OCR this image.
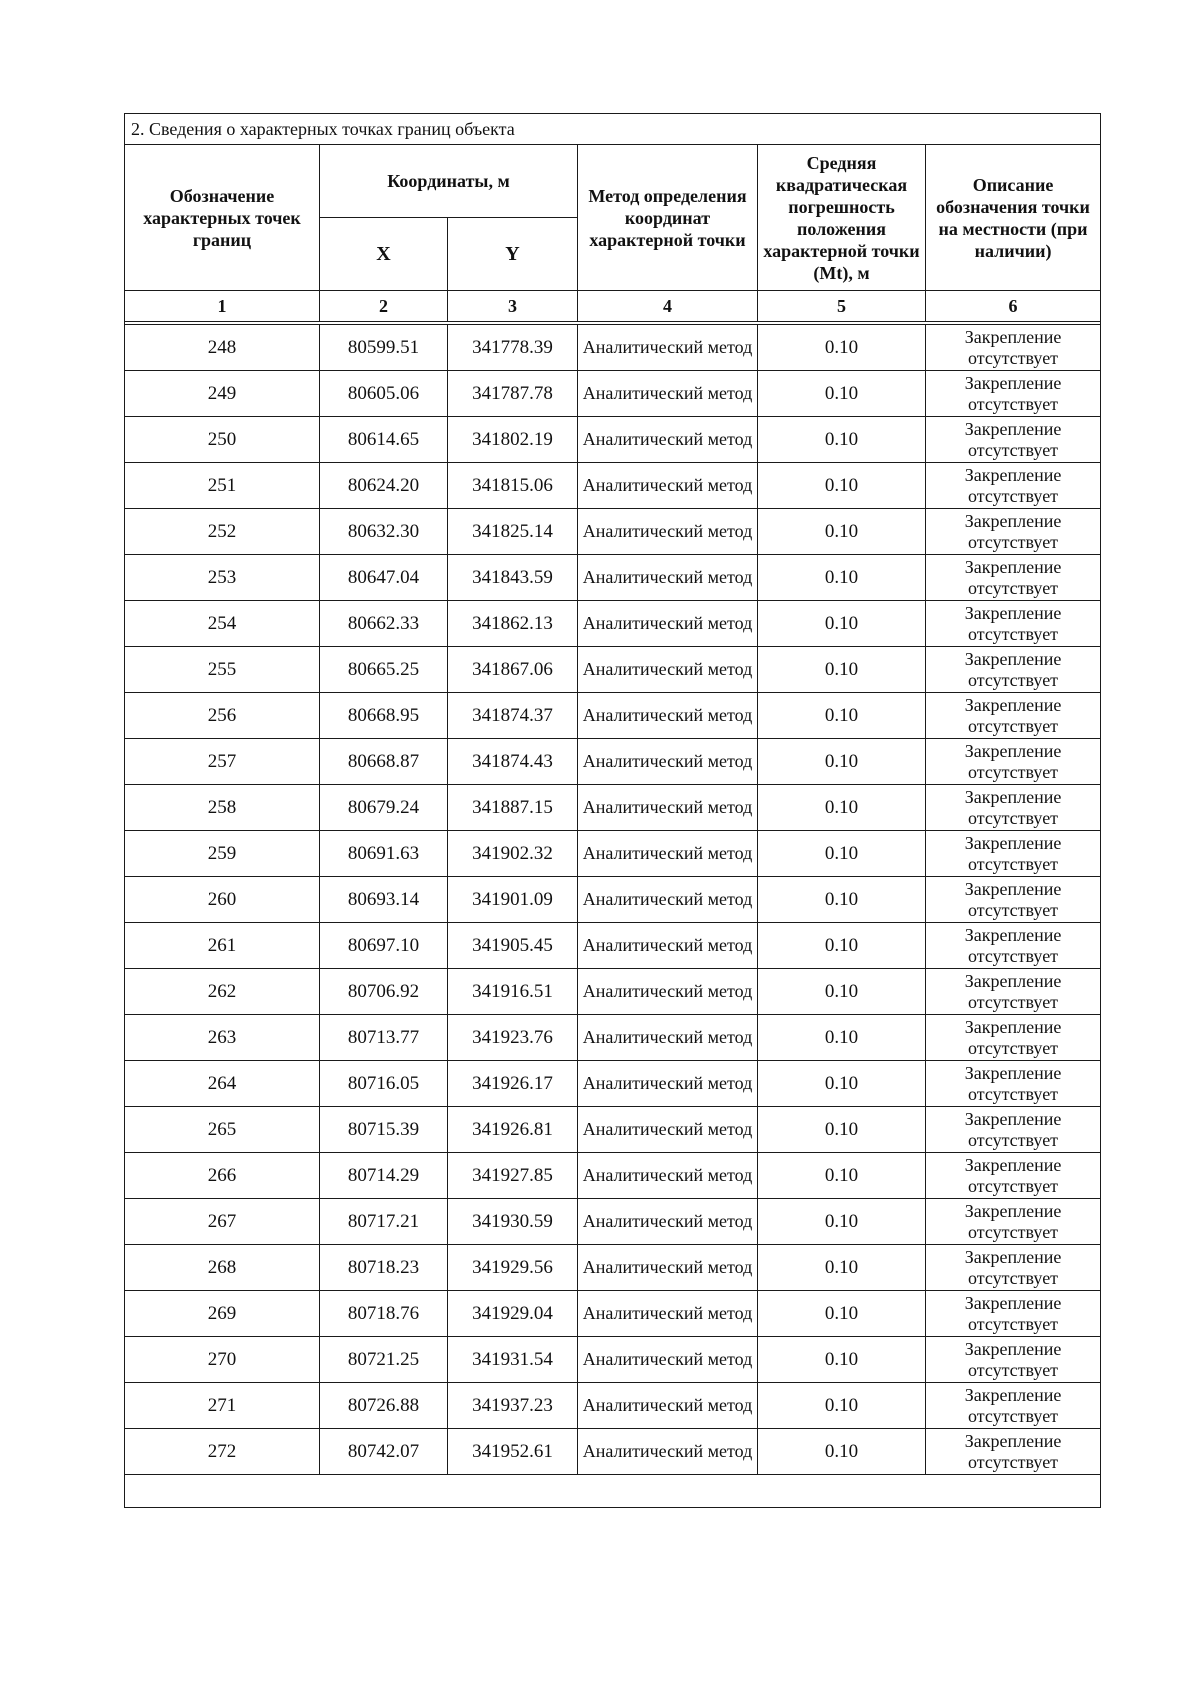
2. Сведения о характерных точках границ объекта					
Обозначение характерных точек границ	Координаты, м		Метод определения координат характерной точки	Средняя квадратическая погрешность положения характерной точки (Mt), м	Описание обозначения точки на местности (при наличии)
	X	Y			
1	2	3	4	5	6

248	80599.51	341778.39	Аналитический метод	0.10	Закрепление отсутствует
249	80605.06	341787.78	Аналитический метод	0.10	Закрепление отсутствует
250	80614.65	341802.19	Аналитический метод	0.10	Закрепление отсутствует
251	80624.20	341815.06	Аналитический метод	0.10	Закрепление отсутствует
252	80632.30	341825.14	Аналитический метод	0.10	Закрепление отсутствует
253	80647.04	341843.59	Аналитический метод	0.10	Закрепление отсутствует
254	80662.33	341862.13	Аналитический метод	0.10	Закрепление отсутствует
255	80665.25	341867.06	Аналитический метод	0.10	Закрепление отсутствует
256	80668.95	341874.37	Аналитический метод	0.10	Закрепление отсутствует
257	80668.87	341874.43	Аналитический метод	0.10	Закрепление отсутствует
258	80679.24	341887.15	Аналитический метод	0.10	Закрепление отсутствует
259	80691.63	341902.32	Аналитический метод	0.10	Закрепление отсутствует
260	80693.14	341901.09	Аналитический метод	0.10	Закрепление отсутствует
261	80697.10	341905.45	Аналитический метод	0.10	Закрепление отсутствует
262	80706.92	341916.51	Аналитический метод	0.10	Закрепление отсутствует
263	80713.77	341923.76	Аналитический метод	0.10	Закрепление отсутствует
264	80716.05	341926.17	Аналитический метод	0.10	Закрепление отсутствует
265	80715.39	341926.81	Аналитический метод	0.10	Закрепление отсутствует
266	80714.29	341927.85	Аналитический метод	0.10	Закрепление отсутствует
267	80717.21	341930.59	Аналитический метод	0.10	Закрепление отсутствует
268	80718.23	341929.56	Аналитический метод	0.10	Закрепление отсутствует
269	80718.76	341929.04	Аналитический метод	0.10	Закрепление отсутствует
270	80721.25	341931.54	Аналитический метод	0.10	Закрепление отсутствует
271	80726.88	341937.23	Аналитический метод	0.10	Закрепление отсутствует
272	80742.07	341952.61	Аналитический метод	0.10	Закрепление отсутствует
